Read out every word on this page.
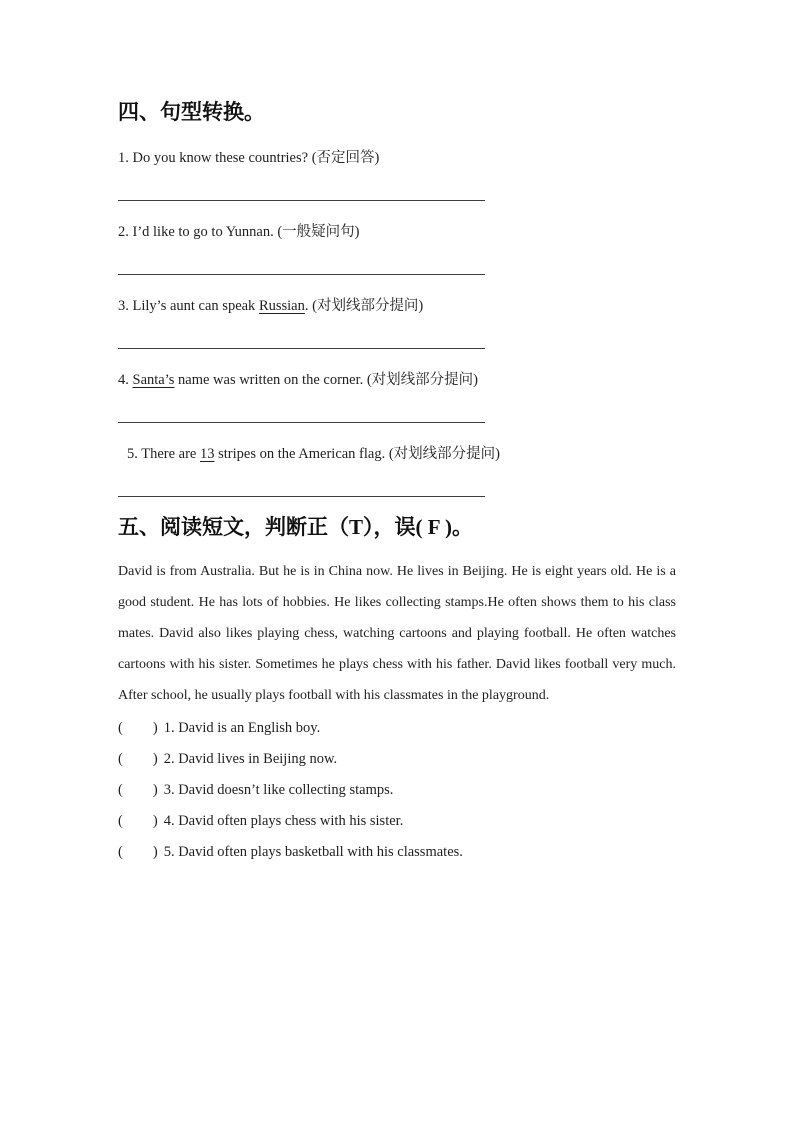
四、句型转换。
1. Do you know these countries? (否定回答)
2. I’d like to go to Yunnan. (一般疑问句)
3. Lily’s aunt can speak Russian. (对划线部分提问)
4. Santa’s name was written on the corner. (对划线部分提问)
5. There are 13 stripes on the American flag. (对划线部分提问)
五、阅读短文，判断正（T），误( F )。
David is from Australia. But he is in China now. He lives in Beijing. He is eight years old. He is a
good student. He has lots of hobbies. He likes collecting stamps.He often shows them to his class
mates. David also likes playing chess, watching cartoons and playing football. He often watches
cartoons with his sister. Sometimes he plays chess with his father. David likes football very much.
After school, he usually plays football with his classmates in the playground.
( ) 1. David is an English boy.
( ) 2. David lives in Beijing now.
( ) 3. David doesn’t like collecting stamps.
( ) 4. David often plays chess with his sister.
( ) 5. David often plays basketball with his classmates.
